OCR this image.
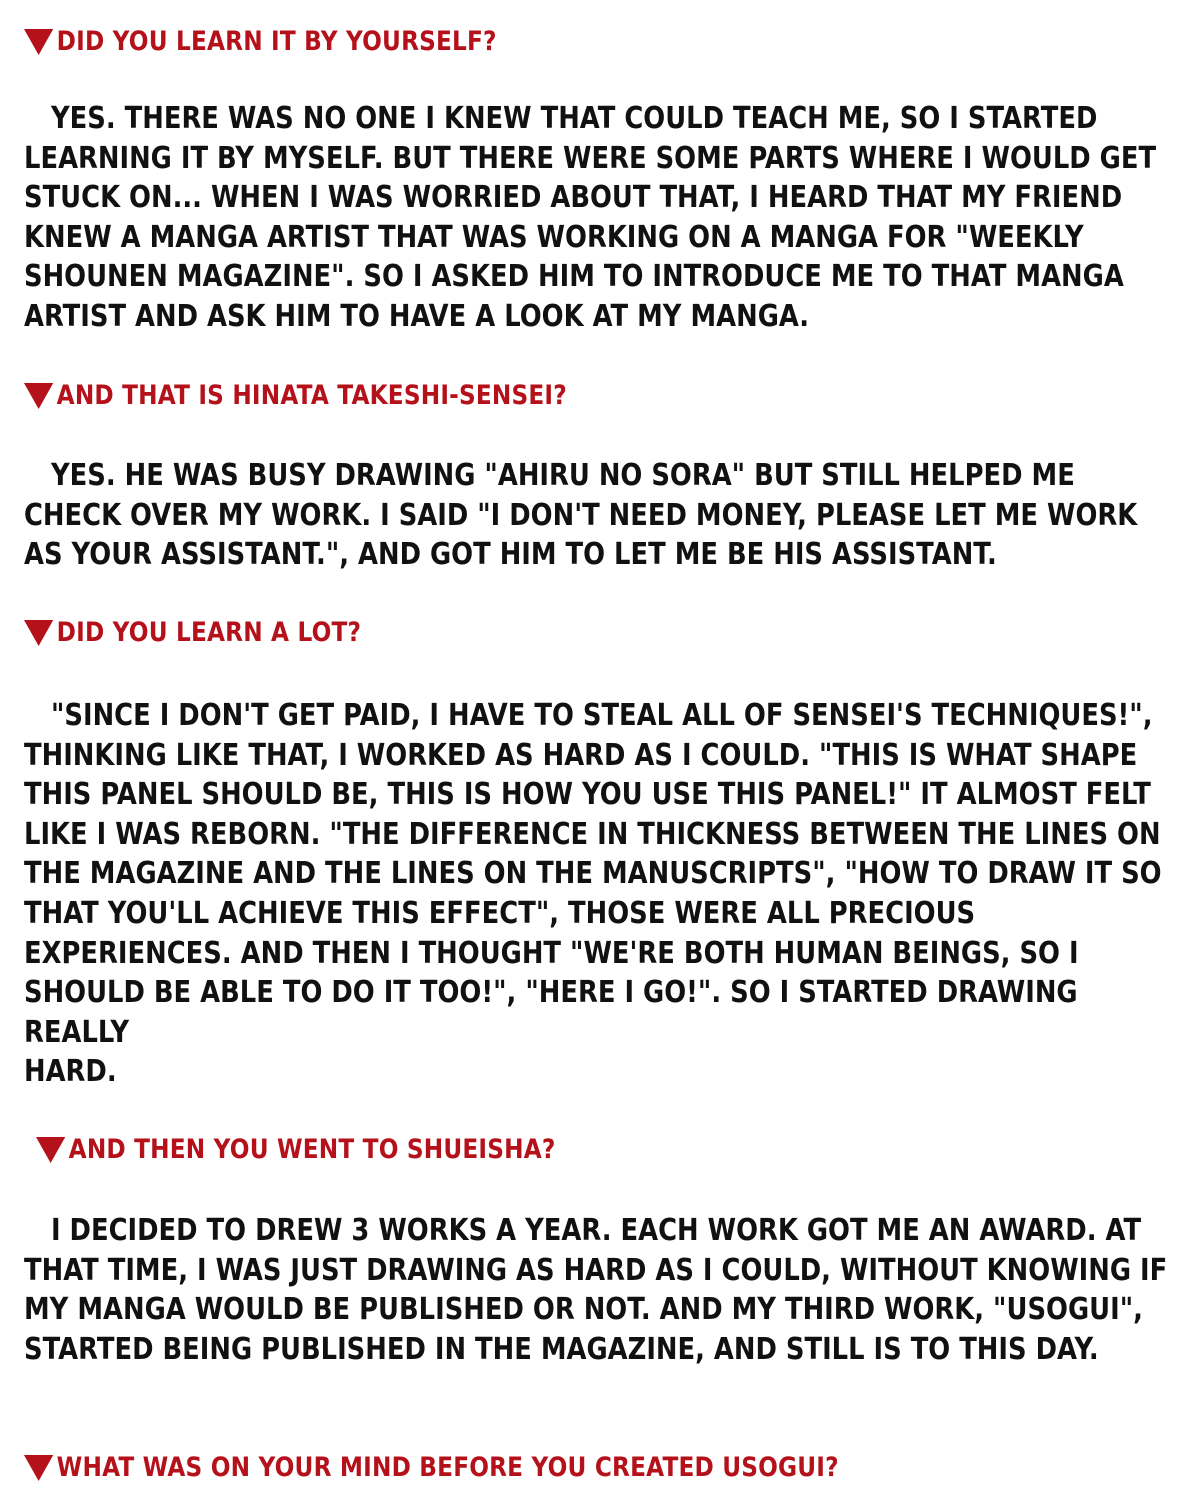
DID YOU LEARN IT BY YOURSELF?

YES. THERE WAS NO ONE I KNEW THAT COULD TEACH ME, SO I STARTED
LEARNING IT BY MYSELF. BUT THERE WERE SOME PARTS WHERE I WOULD GET
STUCK ON... WHEN I WAS WORRIED ABOUT THAT, I HEARD THAT MY FRIEND
KNEW A MANGA ARTIST THAT WAS WORKING ON A MANGA FOR "WEEKLY
SHOUNEN MAGAZINE". SO I ASKED HIM TO INTRODUCE ME TO THAT MANGA
ARTIST AND ASK HIM TO HAVE A LOOK AT MY MANGA.

AND THAT IS HINATA TAKESHI-SENSEI?

YES. HE WAS BUSY DRAWING "AHIRU NO SORA" BUT STILL HELPED ME
CHECK OVER MY WORK. I SAID "I DON'T NEED MONEY, PLEASE LET ME WORK
AS YOUR ASSISTANT.", AND GOT HIM TO LET ME BE HIS ASSISTANT.

DID YOU LEARN A LOT?

"SINCE I DON'T GET PAID, I HAVE TO STEAL ALL OF SENSEI'S TECHNIQUES!",
THINKING LIKE THAT, I WORKED AS HARD AS I COULD. "THIS IS WHAT SHAPE
THIS PANEL SHOULD BE, THIS IS HOW YOU USE THIS PANEL!" IT ALMOST FELT
LIKE I WAS REBORN. "THE DIFFERENCE IN THICKNESS BETWEEN THE LINES ON
THE MAGAZINE AND THE LINES ON THE MANUSCRIPTS", "HOW TO DRAW IT SO
THAT YOU'LL ACHIEVE THIS EFFECT", THOSE WERE ALL PRECIOUS
EXPERIENCES. AND THEN I THOUGHT "WE'RE BOTH HUMAN BEINGS, SO I
SHOULD BE ABLE TO DO IT TOO!", "HERE I GO!". SO I STARTED DRAWING REALLY
HARD.

AND THEN YOU WENT TO SHUEISHA?

I DECIDED TO DREW 3 WORKS A YEAR. EACH WORK GOT ME AN AWARD. AT
THAT TIME, I WAS JUST DRAWING AS HARD AS I COULD, WITHOUT KNOWING IF
MY MANGA WOULD BE PUBLISHED OR NOT. AND MY THIRD WORK, "USOGUI",
STARTED BEING PUBLISHED IN THE MAGAZINE, AND STILL IS TO THIS DAY.

WHAT WAS ON YOUR MIND BEFORE YOU CREATED USOGUI?
